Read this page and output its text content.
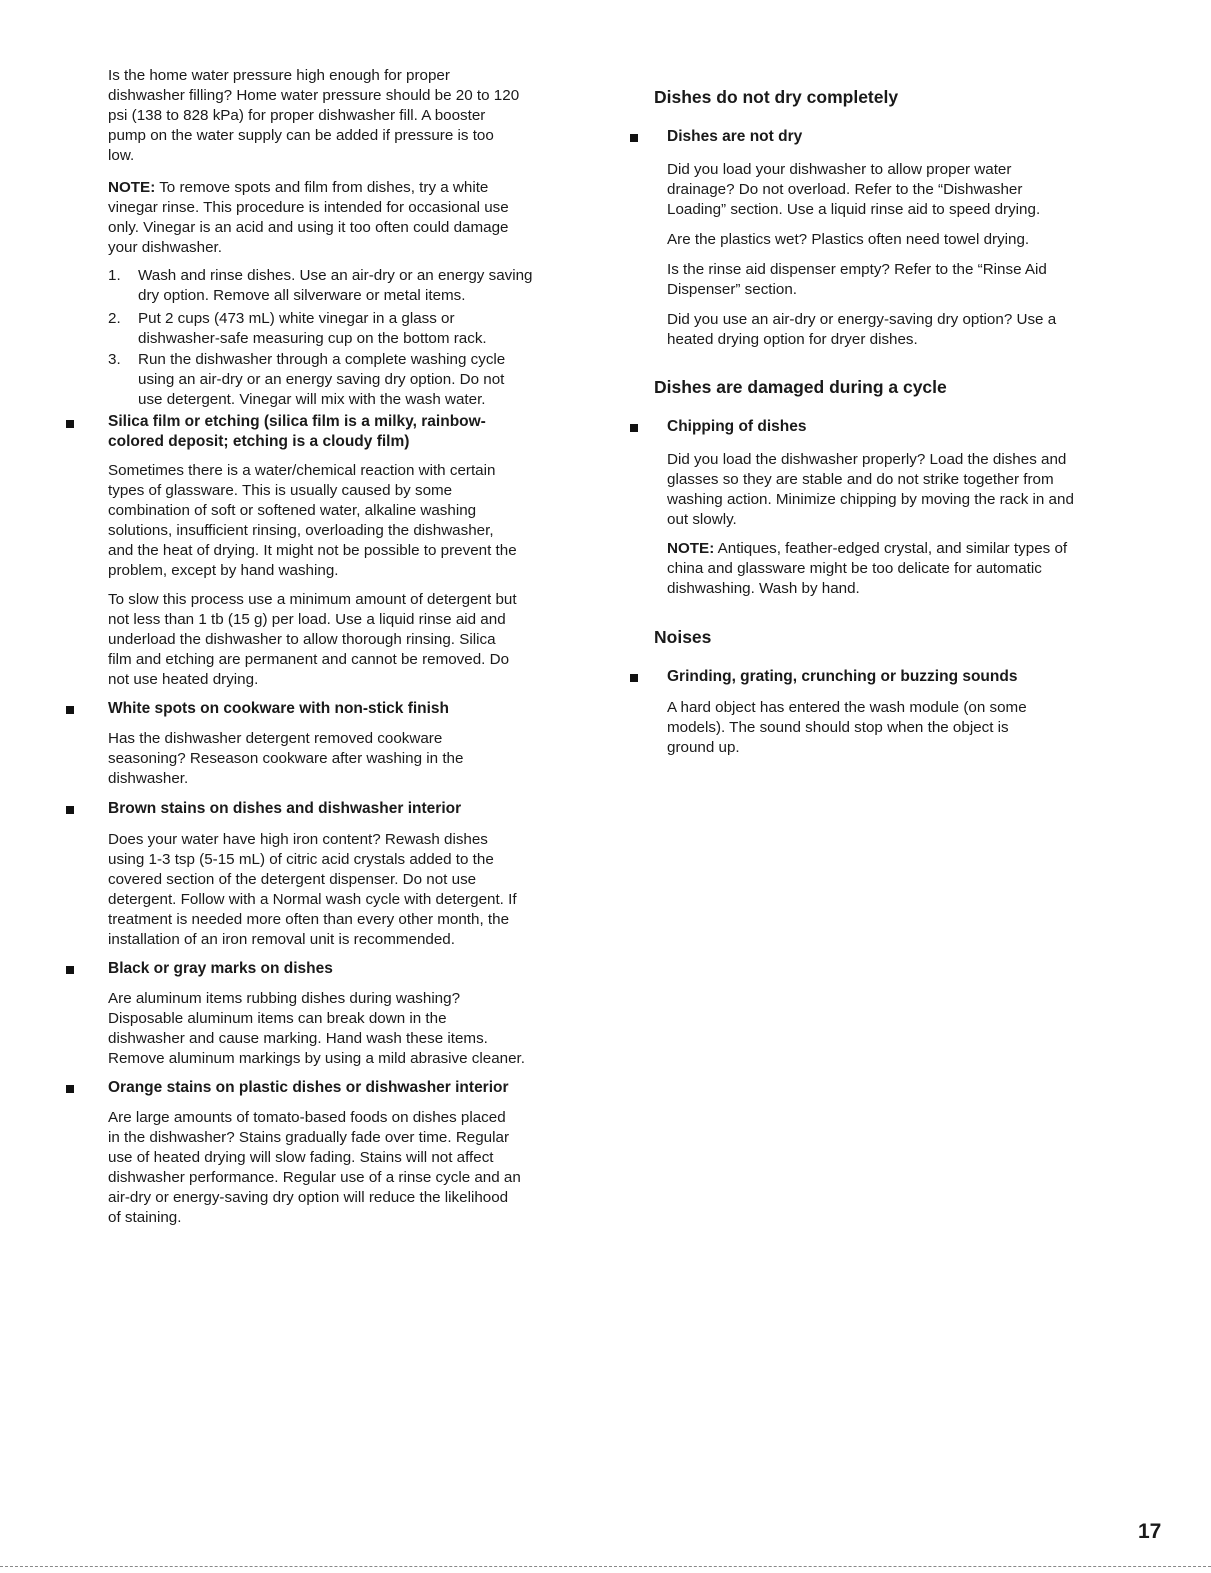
Is the home water pressure high enough for proper
dishwasher filling? Home water pressure should be 20 to 120
psi (138 to 828 kPa) for proper dishwasher fill. A booster
pump on the water supply can be added if pressure is too
low.

NOTE: To remove spots and film from dishes, try a white
vinegar rinse. This procedure is intended for occasional use
only. Vinegar is an acid and using it too often could damage
your dishwasher.

1. Wash and rinse dishes. Use an air-dry or an energy saving
dry option. Remove all silverware or metal items.

2. Put 2 cups (473 mL) white vinegar in a glass or
dishwasher-safe measuring cup on the bottom rack.

3. Run the dishwasher through a complete washing cycle
using an air-dry or an energy saving dry option. Do not
use detergent. Vinegar will mix with the wash water.

Silica film or etching (silica film is a milky, rainbow-
colored deposit; etching is a cloudy film)

Sometimes there is a water/chemical reaction with certain
types of glassware. This is usually caused by some
combination of soft or softened water, alkaline washing
solutions, insufficient rinsing, overloading the dishwasher,
and the heat of drying. It might not be possible to prevent the
problem, except by hand washing.

To slow this process use a minimum amount of detergent but
not less than 1 tb (15 g) per load. Use a liquid rinse aid and
underload the dishwasher to allow thorough rinsing. Silica
film and etching are permanent and cannot be removed. Do
not use heated drying.

White spots on cookware with non-stick finish

Has the dishwasher detergent removed cookware
seasoning? Reseason cookware after washing in the
dishwasher.

Brown stains on dishes and dishwasher interior

Does your water have high iron content? Rewash dishes
using 1-3 tsp (5-15 mL) of citric acid crystals added to the
covered section of the detergent dispenser. Do not use
detergent. Follow with a Normal wash cycle with detergent. If
treatment is needed more often than every other month, the
installation of an iron removal unit is recommended.

Black or gray marks on dishes

Are aluminum items rubbing dishes during washing?
Disposable aluminum items can break down in the
dishwasher and cause marking. Hand wash these items.
Remove aluminum markings by using a mild abrasive cleaner.

Orange stains on plastic dishes or dishwasher interior

Are large amounts of tomato-based foods on dishes placed
in the dishwasher? Stains gradually fade over time. Regular
use of heated drying will slow fading. Stains will not affect
dishwasher performance. Regular use of a rinse cycle and an
air-dry or energy-saving dry option will reduce the likelihood
of staining.

Dishes do not dry completely

Dishes are not dry

Did you load your dishwasher to allow proper water
drainage? Do not overload. Refer to the “Dishwasher
Loading” section. Use a liquid rinse aid to speed drying.

Are the plastics wet? Plastics often need towel drying.

Is the rinse aid dispenser empty? Refer to the “Rinse Aid
Dispenser” section.

Did you use an air-dry or energy-saving dry option? Use a
heated drying option for dryer dishes.

Dishes are damaged during a cycle

Chipping of dishes

Did you load the dishwasher properly? Load the dishes and
glasses so they are stable and do not strike together from
washing action. Minimize chipping by moving the rack in and
out slowly.

NOTE: Antiques, feather-edged crystal, and similar types of
china and glassware might be too delicate for automatic
dishwashing. Wash by hand.

Noises

Grinding, grating, crunching or buzzing sounds

A hard object has entered the wash module (on some
models). The sound should stop when the object is
ground up.

17
